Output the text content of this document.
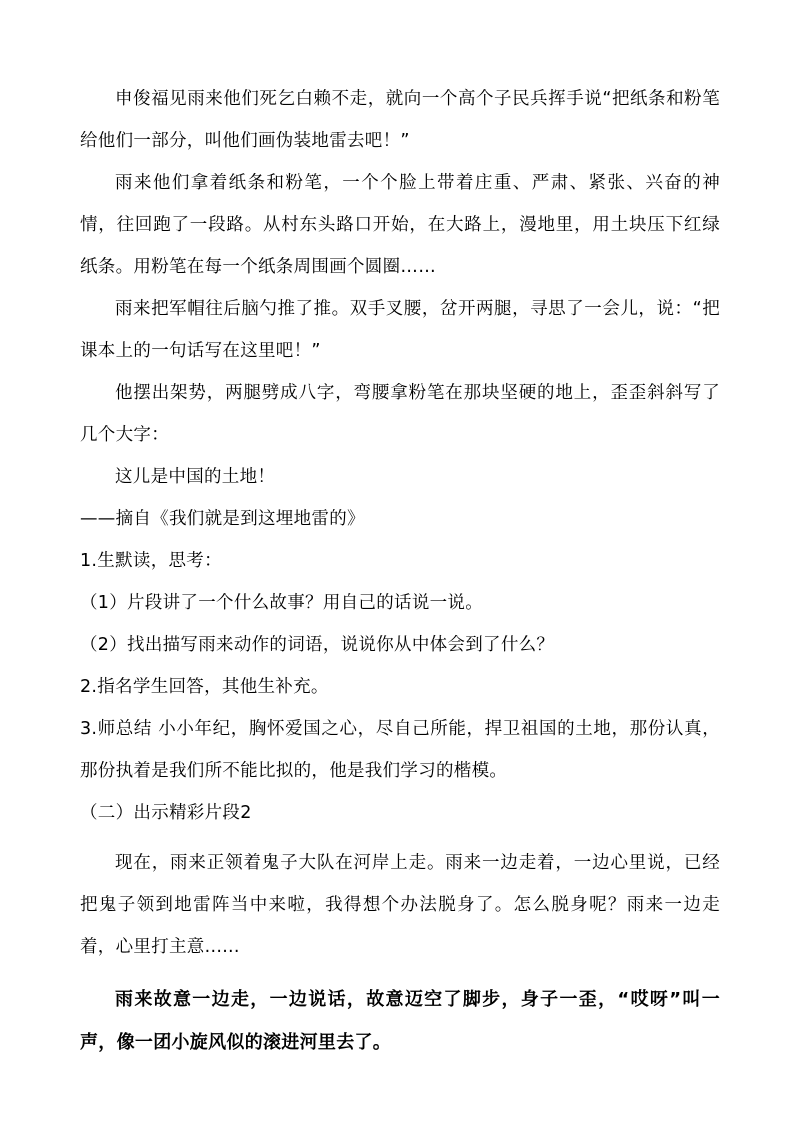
申俊福见雨来他们死乞白赖不走，就向一个高个子民兵挥手说“把纸条和粉笔给他们一部分，叫他们画伪装地雷去吧！”

雨来他们拿着纸条和粉笔，一个个脸上带着庄重、严肃、紧张、兴奋的神情，往回跑了一段路。从村东头路口开始，在大路上，漫地里，用土块压下红绿纸条。用粉笔在每一个纸条周围画个圆圈……

雨来把军帽往后脑勺推了推。双手叉腰，岔开两腿，寻思了一会儿，说：“把课本上的一句话写在这里吧！”

他摆出架势，两腿劈成八字，弯腰拿粉笔在那块坚硬的地上，歪歪斜斜写了几个大字：

这儿是中国的土地！

——摘自《我们就是到这埋地雷的》

1.生默读，思考：

（1）片段讲了一个什么故事？用自己的话说一说。

（2）找出描写雨来动作的词语，说说你从中体会到了什么？

2.指名学生回答，其他生补充。

3.师总结 小小年纪，胸怀爱国之心，尽自己所能，捍卫祖国的土地，那份认真，那份执着是我们所不能比拟的，他是我们学习的楷模。

（二）出示精彩片段2

现在，雨来正领着鬼子大队在河岸上走。雨来一边走着，一边心里说，已经把鬼子领到地雷阵当中来啦，我得想个办法脱身了。怎么脱身呢？雨来一边走着，心里打主意......

雨来故意一边走，一边说话，故意迈空了脚步，身子一歪，“哎呀”叫一声，像一团小旋风似的滚进河里去了。
